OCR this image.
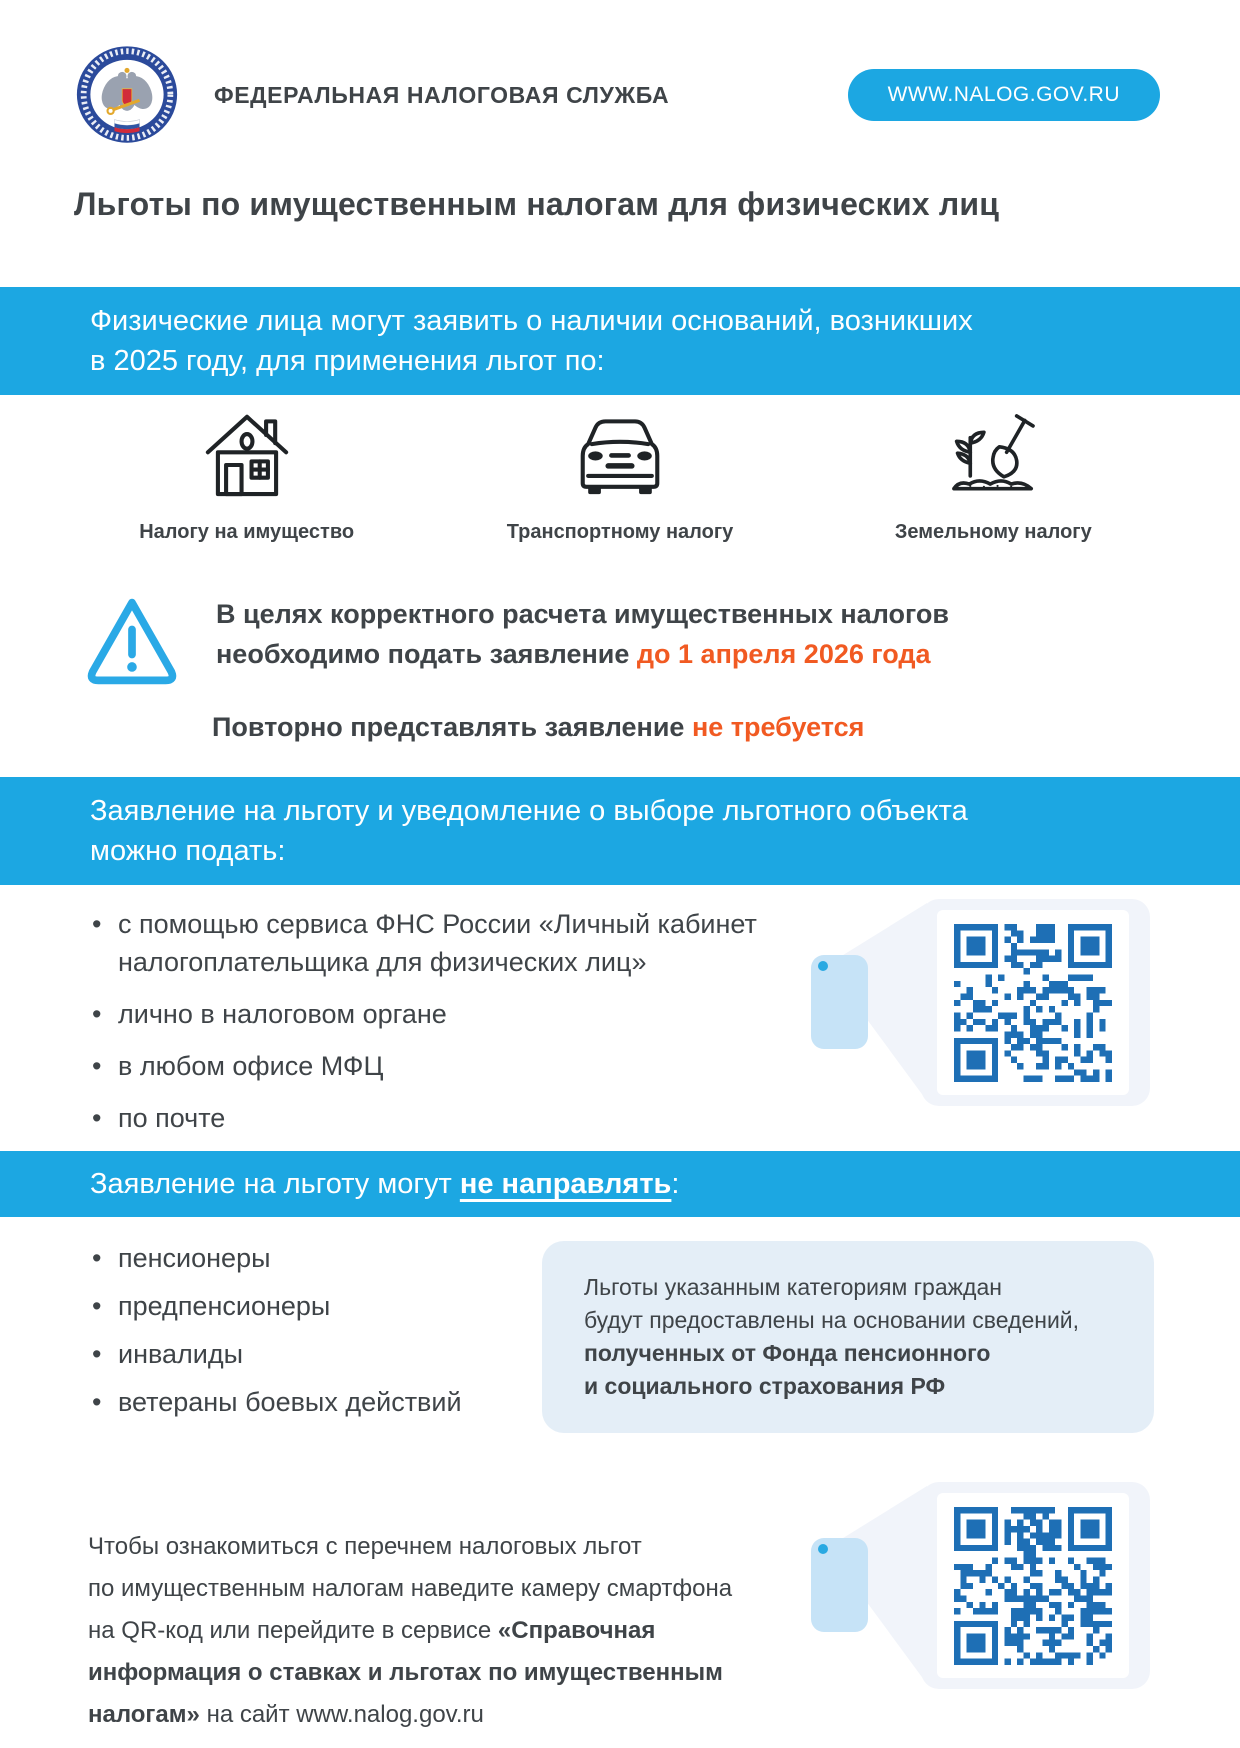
ФЕДЕРАЛЬНАЯ НАЛОГОВАЯ СЛУЖБА	WWW.NALOG.GOV.RU
Льготы по имущественным налогам для физических лиц
Физические лица могут заявить о наличии оснований, возникших
в 2025 году, для применения льгот по:
Налогу на имущество	Транспортному налогу	Земельному налогу
В целях корректного расчета имущественных налогов
необходимо подать заявление до 1 апреля 2026 года
Повторно представлять заявление не требуется
Заявление на льготу и уведомление о выборе льготного объекта
можно подать:
• с помощью сервиса ФНС России «Личный кабинет
налогоплательщика для физических лиц»
• лично в налоговом органе
• в любом офисе МФЦ
• по почте
Заявление на льготу могут не направлять:
• пенсионеры
• предпенсионеры
• инвалиды
• ветераны боевых действий
Льготы указанным категориям граждан
будут предоставлены на основании сведений,
полученных от Фонда пенсионного
и социального страхования РФ
Чтобы ознакомиться с перечнем налоговых льгот
по имущественным налогам наведите камеру смартфона
на QR-код или перейдите в сервисе «Справочная
информация о ставках и льготах по имущественным
налогам» на сайт www.nalog.gov.ru
